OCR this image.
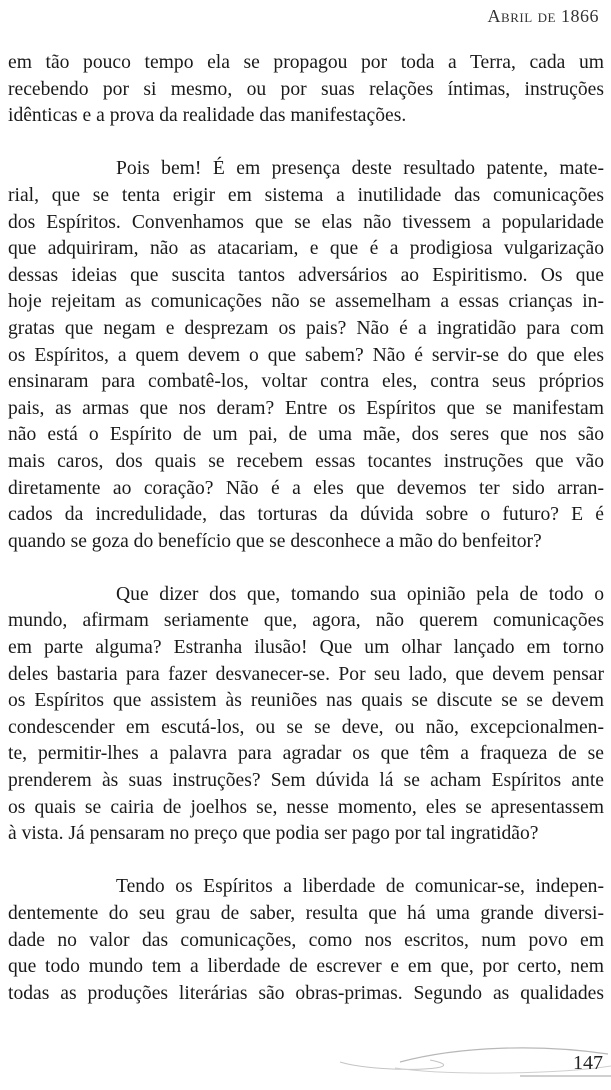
Abril de 1866
em tão pouco tempo ela se propagou por toda a Terra, cada um
recebendo por si mesmo, ou por suas relações íntimas, instruções
idênticas e a prova da realidade das manifestações.
Pois bem! É em presença deste resultado patente, mate-
rial, que se tenta erigir em sistema a inutilidade das comunicações
dos Espíritos. Convenhamos que se elas não tivessem a popularidade
que adquiriram, não as atacariam, e que é a prodigiosa vulgarização
dessas ideias que suscita tantos adversários ao Espiritismo. Os que
hoje rejeitam as comunicações não se assemelham a essas crianças in-
gratas que negam e desprezam os pais? Não é a ingratidão para com
os Espíritos, a quem devem o que sabem? Não é servir-se do que eles
ensinaram para combatê-los, voltar contra eles, contra seus próprios
pais, as armas que nos deram? Entre os Espíritos que se manifestam
não está o Espírito de um pai, de uma mãe, dos seres que nos são
mais caros, dos quais se recebem essas tocantes instruções que vão
diretamente ao coração? Não é a eles que devemos ter sido arran-
cados da incredulidade, das torturas da dúvida sobre o futuro? E é
quando se goza do benefício que se desconhece a mão do benfeitor?
Que dizer dos que, tomando sua opinião pela de todo o
mundo, afirmam seriamente que, agora, não querem comunicações
em parte alguma? Estranha ilusão! Que um olhar lançado em torno
deles bastaria para fazer desvanecer-se. Por seu lado, que devem pensar
os Espíritos que assistem às reuniões nas quais se discute se se devem
condescender em escutá-los, ou se se deve, ou não, excepcionalmen-
te, permitir-lhes a palavra para agradar os que têm a fraqueza de se
prenderem às suas instruções? Sem dúvida lá se acham Espíritos ante
os quais se cairia de joelhos se, nesse momento, eles se apresentassem
à vista. Já pensaram no preço que podia ser pago por tal ingratidão?
Tendo os Espíritos a liberdade de comunicar-se, indepen-
dentemente do seu grau de saber, resulta que há uma grande diversi-
dade no valor das comunicações, como nos escritos, num povo em
que todo mundo tem a liberdade de escrever e em que, por certo, nem
todas as produções literárias são obras-primas. Segundo as qualidades
147
